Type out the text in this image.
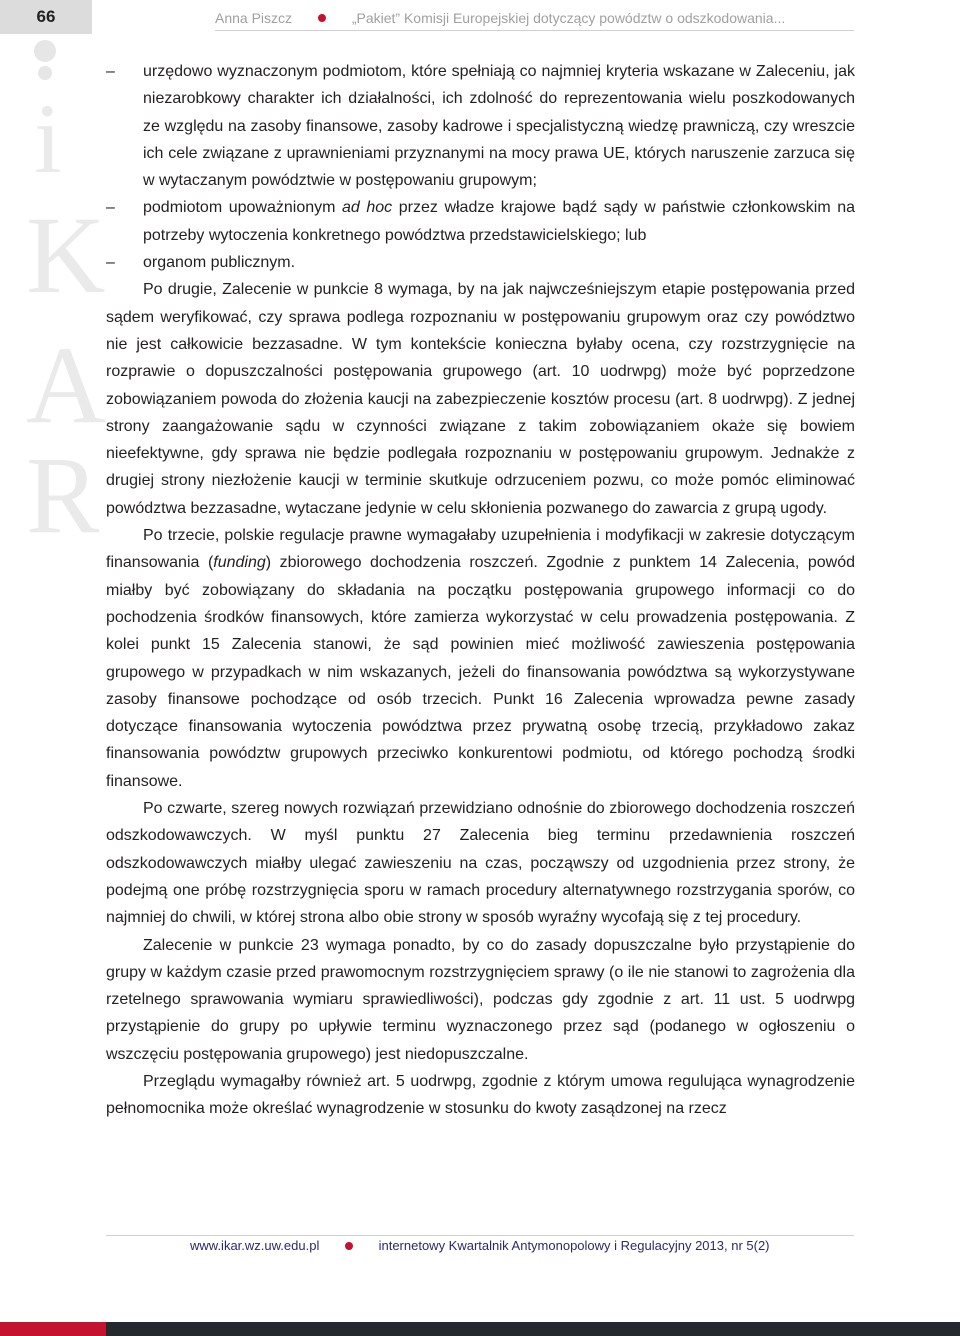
66	Anna Piszcz	„Pakiet” Komisji Europejskiej dotyczący powództw o odszkodowania...
i
K
A
R

– urzędowo wyznaczonym podmiotom, które spełniają co najmniej kryteria wskazane w Zaleceniu, jak niezarobkowy charakter ich działalności, ich zdolność do reprezentowania wielu poszkodowanych ze względu na zasoby finansowe, zasoby kadrowe i specjalistyczną wiedzę prawniczą, czy wreszcie ich cele związane z uprawnieniami przyznanymi na mocy prawa UE, których naruszenie zarzuca się w wytaczanym powództwie w postępowaniu grupowym;

– podmiotom upoważnionym ad hoc przez władze krajowe bądź sądy w państwie członkowskim na potrzeby wytoczenia konkretnego powództwa przedstawicielskiego; lub

– organom publicznym.

Po drugie, Zalecenie w punkcie 8 wymaga, by na jak najwcześniejszym etapie postępowania przed sądem weryfikować, czy sprawa podlega rozpoznaniu w postępowaniu grupowym oraz czy powództwo nie jest całkowicie bezzasadne. W tym kontekście konieczna byłaby ocena, czy rozstrzygnięcie na rozprawie o dopuszczalności postępowania grupowego (art. 10 uodrwpg) może być poprzedzone zobowiązaniem powoda do złożenia kaucji na zabezpieczenie kosztów procesu (art. 8 uodrwpg). Z jednej strony zaangażowanie sądu w czynności związane z takim zobowiązaniem okaże się bowiem nieefektywne, gdy sprawa nie będzie podlegała rozpoznaniu w postępowaniu grupowym. Jednakże z drugiej strony niezłożenie kaucji w terminie skutkuje odrzuceniem pozwu, co może pomóc eliminować powództwa bezzasadne, wytaczane jedynie w celu skłonienia pozwanego do zawarcia z grupą ugody.

Po trzecie, polskie regulacje prawne wymagałaby uzupełnienia i modyfikacji w zakresie dotyczącym finansowania (funding) zbiorowego dochodzenia roszczeń. Zgodnie z punktem 14 Zalecenia, powód miałby być zobowiązany do składania na początku postępowania grupowego informacji co do pochodzenia środków finansowych, które zamierza wykorzystać w celu prowadzenia postępowania. Z kolei punkt 15 Zalecenia stanowi, że sąd powinien mieć możliwość zawieszenia postępowania grupowego w przypadkach w nim wskazanych, jeżeli do finansowania powództwa są wykorzystywane zasoby finansowe pochodzące od osób trzecich. Punkt 16 Zalecenia wprowadza pewne zasady dotyczące finansowania wytoczenia powództwa przez prywatną osobę trzecią, przykładowo zakaz finansowania powództw grupowych przeciwko konkurentowi podmiotu, od którego pochodzą środki finansowe.

Po czwarte, szereg nowych rozwiązań przewidziano odnośnie do zbiorowego dochodzenia roszczeń odszkodowawczych. W myśl punktu 27 Zalecenia bieg terminu przedawnienia roszczeń odszkodowawczych miałby ulegać zawieszeniu na czas, począwszy od uzgodnienia przez strony, że podejmą one próbę rozstrzygnięcia sporu w ramach procedury alternatywnego rozstrzygania sporów, co najmniej do chwili, w której strona albo obie strony w sposób wyraźny wycofają się z tej procedury.

Zalecenie w punkcie 23 wymaga ponadto, by co do zasady dopuszczalne było przystąpienie do grupy w każdym czasie przed prawomocnym rozstrzygnięciem sprawy (o ile nie stanowi to zagrożenia dla rzetelnego sprawowania wymiaru sprawiedliwości), podczas gdy zgodnie z art. 11 ust. 5 uodrwpg przystąpienie do grupy po upływie terminu wyznaczonego przez sąd (podanego w ogłoszeniu o wszczęciu postępowania grupowego) jest niedopuszczalne.

Przeglądu wymagałby również art. 5 uodrwpg, zgodnie z którym umowa regulująca wynagrodzenie pełnomocnika może określać wynagrodzenie w stosunku do kwoty zasądzonej na rzecz

www.ikar.wz.uw.edu.pl	internetowy Kwartalnik Antymonopolowy i Regulacyjny 2013, nr 5(2)
